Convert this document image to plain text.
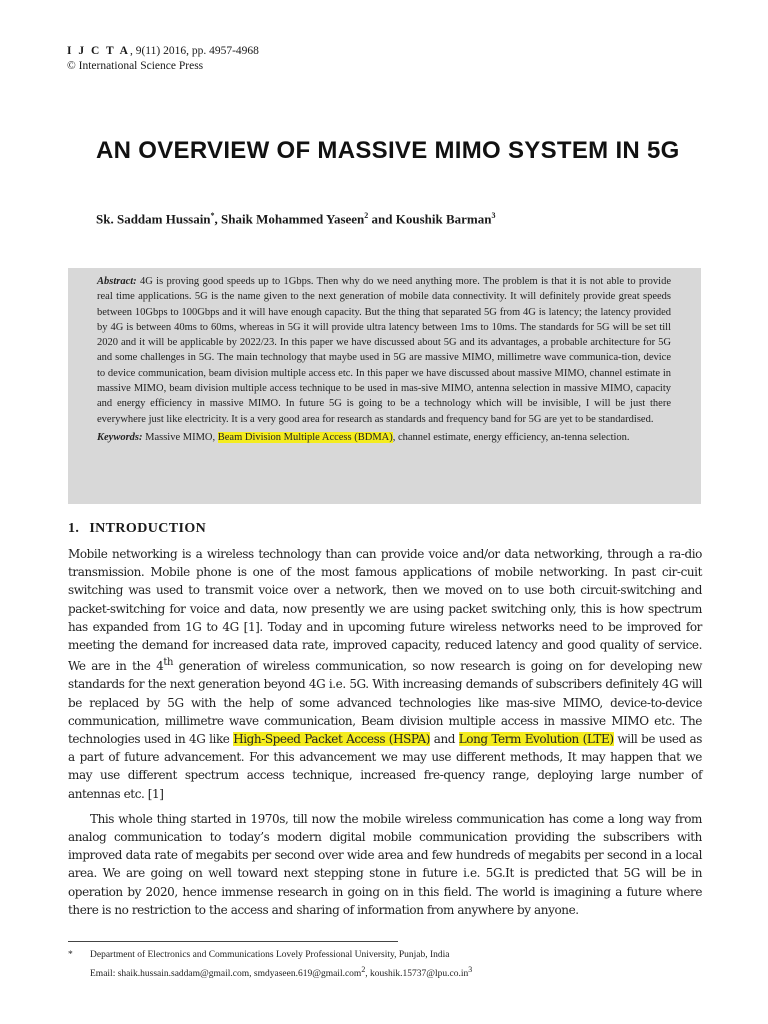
I J C T A, 9(11) 2016, pp. 4957-4968
© International Science Press
AN OVERVIEW OF MASSIVE MIMO SYSTEM IN 5G
Sk. Saddam Hussain*, Shaik Mohammed Yaseen$^2$ and Koushik Barman$^3$

Abstract: 4G is proving good speeds up to 1Gbps. Then why do we need anything more. The problem is that it is not able to provide real time applications. 5G is the name given to the next generation of mobile data connectivity. It will definitely provide great speeds between 10Gbps to 100Gbps and it will have enough capacity. But the thing that separated 5G from 4G is latency; the latency provided by 4G is between 40ms to 60ms, whereas in 5G it will provide ultra latency between 1ms to 10ms. The standards for 5G will be set till 2020 and it will be applicable by 2022/23. In this paper we have discussed about 5G and its advantages, a probable architecture for 5G and some challenges in 5G. The main technology that maybe used in 5G are massive MIMO, millimetre wave communica-tion, device to device communication, beam division multiple access etc. In this paper we have discussed about massive MIMO, channel estimate in massive MIMO, beam division multiple access technique to be used in mas-sive MIMO, antenna selection in massive MIMO, capacity and energy efficiency in massive MIMO. In future 5G is going to be a technology which will be invisible, I will be just there everywhere just like electricity. It is a very good area for research as standards and frequency band for 5G are yet to be standardised.

Keywords: Massive MIMO, Beam Division Multiple Access (BDMA), channel estimate, energy efficiency, an-tenna selection.

1. INTRODUCTION

Mobile networking is a wireless technology than can provide voice and/or data networking, through a ra-dio transmission. Mobile phone is one of the most famous applications of mobile networking. In past cir-cuit switching was used to transmit voice over a network, then we moved on to use both circuit-switching and packet-switching for voice and data, now presently we are using packet switching only, this is how spectrum has expanded from 1G to 4G [1]. Today and in upcoming future wireless networks need to be improved for meeting the demand for increased data rate, improved capacity, reduced latency and good quality of service. We are in the 4th generation of wireless communication, so now research is going on for developing new standards for the next generation beyond 4G i.e. 5G. With increasing demands of subscribers definitely 4G will be replaced by 5G with the help of some advanced technologies like mas-sive MIMO, device-to-device communication, millimetre wave communication, Beam division multiple access in massive MIMO etc. The technologies used in 4G like High-Speed Packet Access (HSPA) and Long Term Evolution (LTE) will be used as a part of future advancement. For this advancement we may use different methods, It may happen that we may use different spectrum access technique, increased fre-quency range, deploying large number of antennas etc. [1]

This whole thing started in 1970s, till now the mobile wireless communication has come a long way from analog communication to today’s modern digital mobile communication providing the subscribers with improved data rate of megabits per second over wide area and few hundreds of megabits per second in a local area. We are going on well toward next stepping stone in future i.e. 5G.It is predicted that 5G will be in operation by 2020, hence immense research in going on in this field. The world is imagining a future where there is no restriction to the access and sharing of information from anywhere by anyone.

* Department of Electronics and Communications Lovely Professional University, Punjab, India
Email: shaik.hussain.saddam@gmail.com, smdyaseen.619@gmail.com$^2$, $koushik.15737@lpu.co.in^3$
